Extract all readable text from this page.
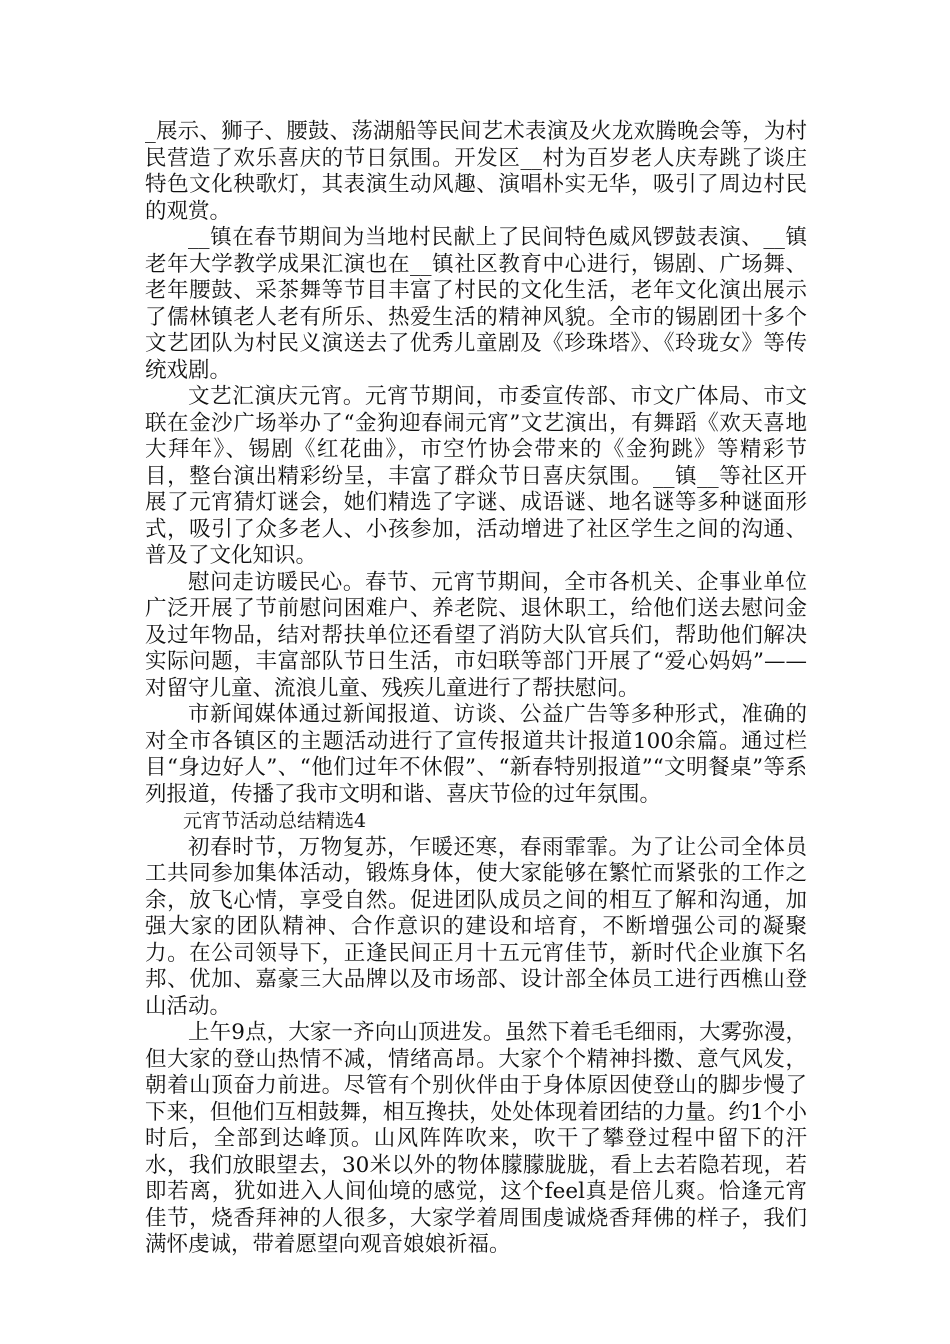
_展示、狮子、腰鼓、荡湖船等民间艺术表演及火龙欢腾晚会等，为村民营造了欢乐喜庆的节日氛围。开发区__村为百岁老人庆寿跳了谈庄特色文化秧歌灯，其表演生动风趣、演唱朴实无华，吸引了周边村民的观赏。

__镇在春节期间为当地村民献上了民间特色威风锣鼓表演、__镇老年大学教学成果汇演也在__镇社区教育中心进行，锡剧、广场舞、老年腰鼓、采茶舞等节目丰富了村民的文化生活，老年文化演出展示了儒林镇老人老有所乐、热爱生活的精神风貌。全市的锡剧团十多个文艺团队为村民义演送去了优秀儿童剧及《珍珠塔》、《玲珑女》等传统戏剧。

文艺汇演庆元宵。元宵节期间，市委宣传部、市文广体局、市文联在金沙广场举办了“金狗迎春闹元宵”文艺演出，有舞蹈《欢天喜地大拜年》、锡剧《红花曲》，市空竹协会带来的《金狗跳》等精彩节目，整台演出精彩纷呈，丰富了群众节日喜庆氛围。__镇__等社区开展了元宵猜灯谜会，她们精选了字谜、成语谜、地名谜等多种谜面形式，吸引了众多老人、小孩参加，活动增进了社区学生之间的沟通、普及了文化知识。

慰问走访暖民心。春节、元宵节期间，全市各机关、企事业单位广泛开展了节前慰问困难户、养老院、退休职工，给他们送去慰问金及过年物品，结对帮扶单位还看望了消防大队官兵们，帮助他们解决实际问题，丰富部队节日生活，市妇联等部门开展了“爱心妈妈”——对留守儿童、流浪儿童、残疾儿童进行了帮扶慰问。

市新闻媒体通过新闻报道、访谈、公益广告等多种形式，准确的对全市各镇区的主题活动进行了宣传报道共计报道100余篇。通过栏目“身边好人”、“他们过年不休假”、“新春特别报道”“文明餐桌”等系列报道，传播了我市文明和谐、喜庆节俭的过年氛围。

元宵节活动总结精选4

初春时节，万物复苏，乍暖还寒，春雨霏霏。为了让公司全体员工共同参加集体活动，锻炼身体，使大家能够在繁忙而紧张的工作之余，放飞心情，享受自然。促进团队成员之间的相互了解和沟通，加强大家的团队精神、合作意识的建设和培育，不断增强公司的凝聚力。在公司领导下，正逢民间正月十五元宵佳节，新时代企业旗下名邦、优加、嘉豪三大品牌以及市场部、设计部全体员工进行西樵山登山活动。

上午9点，大家一齐向山顶进发。虽然下着毛毛细雨，大雾弥漫，但大家的登山热情不减，情绪高昂。大家个个精神抖擞、意气风发，朝着山顶奋力前进。尽管有个别伙伴由于身体原因使登山的脚步慢了下来，但他们互相鼓舞，相互搀扶，处处体现着团结的力量。约1个小时后，全部到达峰顶。山风阵阵吹来，吹干了攀登过程中留下的汗水，我们放眼望去，30米以外的物体朦朦胧胧，看上去若隐若现，若即若离，犹如进入人间仙境的感觉，这个feel真是倍儿爽。恰逢元宵佳节，烧香拜神的人很多，大家学着周围虔诚烧香拜佛的样子，我们满怀虔诚，带着愿望向观音娘娘祈福。
